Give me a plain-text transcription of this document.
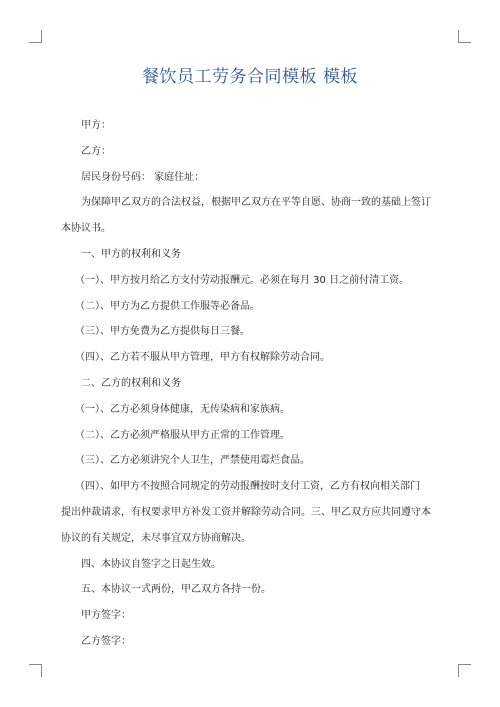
餐饮员工劳务合同模板 模板

甲方：

乙方：

居民身份号码： 家庭住址：

为保障甲乙双方的合法权益，根据甲乙双方在平等自愿、协商一致的基础上签订

本协议书。

一、甲方的权利和义务

（一）、甲方按月给乙方支付劳动报酬元。必须在每月 30 日之前付清工资。

（二）、甲方为乙方提供工作服等必备品。

（三）、甲方免费为乙方提供每日三餐。

（四）、乙方若不服从甲方管理，甲方有权解除劳动合同。

二、乙方的权利和义务

（一）、乙方必须身体健康，无传染病和家族病。

（二）、乙方必须严格服从甲方正常的工作管理。

（三）、乙方必须讲究个人卫生，严禁使用霉烂食品。

（四）、如甲方不按照合同规定的劳动报酬按时支付工资，乙方有权向相关部门

提出仲裁请求，有权要求甲方补发工资并解除劳动合同。三、甲乙双方应共同遵守本

协议的有关规定，未尽事宜双方协商解决。

四、本协议自签字之日起生效。

五、本协议一式两份，甲乙双方各持一份。

甲方签字：

乙方签字：
